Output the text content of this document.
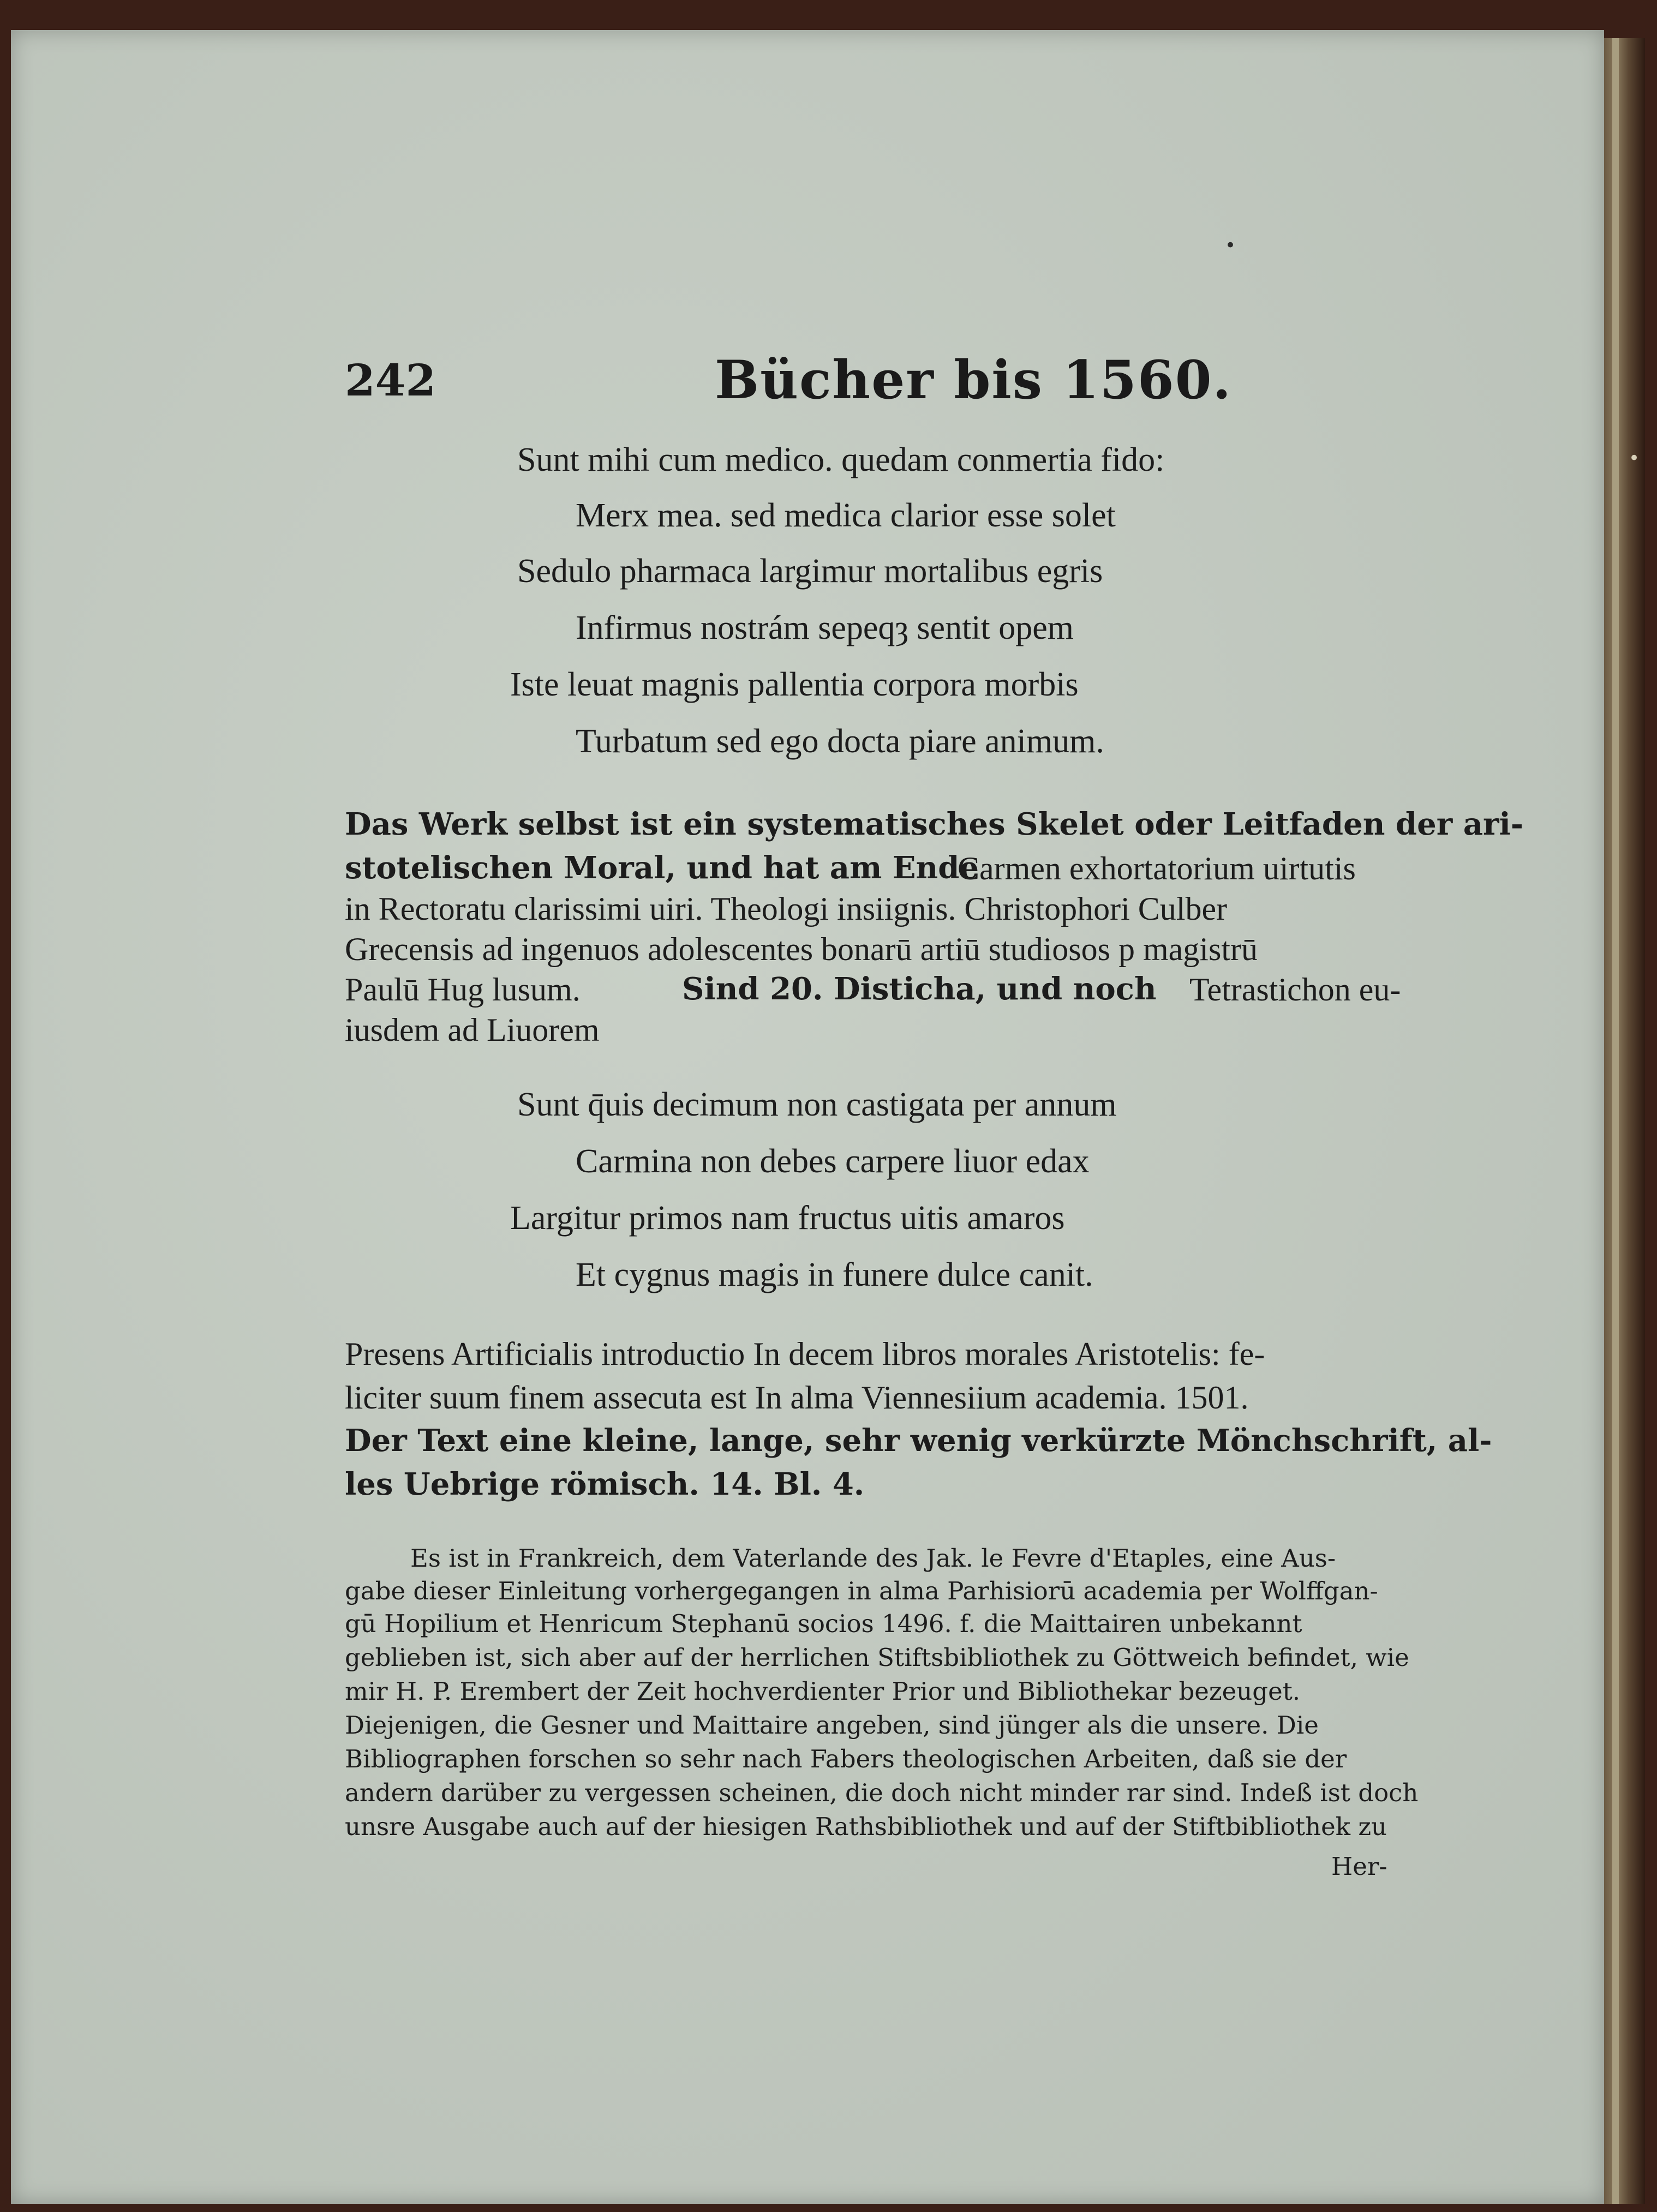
•
•
242	Bücher bis 1560.
Sunt mihi cum medico. quedam conmertia fido:
Merx mea. sed medica clarior esse solet
Sedulo pharmaca largimur mortalibus egris
Infirmus nostrám sepeqȝ sentit opem
Iste leuat magnis pallentia corpora morbis
Turbatum sed ego docta piare animum.
Das Werk selbst ist ein systematisches Skelet oder Leitfaden der ari-
stotelischen Moral, und hat am Ende
Carmen exhortatorium uirtutis
in Rectoratu clarissimi uiri. Theologi insiignis. Christophori Culber
Grecensis ad ingenuos adolescentes bonarū artiū studiosos p magistrū
Paulū Hug lusum.	Sind 20. Distichа, und noch Tetrastichon eu-
iusdem ad Liuorem
Sunt q̄uis decimum non castigata per annum
Carmina non debes carpere liuor edax
Largitur primos nam fructus uitis amaros
Et cygnus magis in funere dulce canit.
Presens Artificialis introductio In decem libros morales Aristotelis: fe-
liciter suum finem assecuta est In alma Viennesiium academia. 1501.
Der Text eine kleine, lange, sehr wenig verkürzte Mönchschrift, al-
les Uebrige römisch. 14. Bl. 4.
Es ist in Frankreich, dem Vaterlande des Jak. le Fevre d'Etaples, eine Aus-
gabe dieser Einleitung vorhergegangen in alma Parhisiorū academia per Wolffgan-
gū Hopilium et Henricum Stephanū socios 1496. f. die Maittairen unbekannt
geblieben ist, sich aber auf der herrlichen Stiftsbibliothek zu Göttweich befindet, wie
mir H. P. Erembert der Zeit hochverdienter Prior und Bibliothekar bezeuget.
Diejenigen, die Gesner und Maittaire angeben, sind jünger als die unsere. Die
Bibliographen forschen so sehr nach Fabers theologischen Arbeiten, daß sie der
andern darüber zu vergessen scheinen, die doch nicht minder rar sind. Indeß ist doch
unsre Ausgabe auch auf der hiesigen Rathsbibliothek und auf der Stiftbibliothek zu
Her-
